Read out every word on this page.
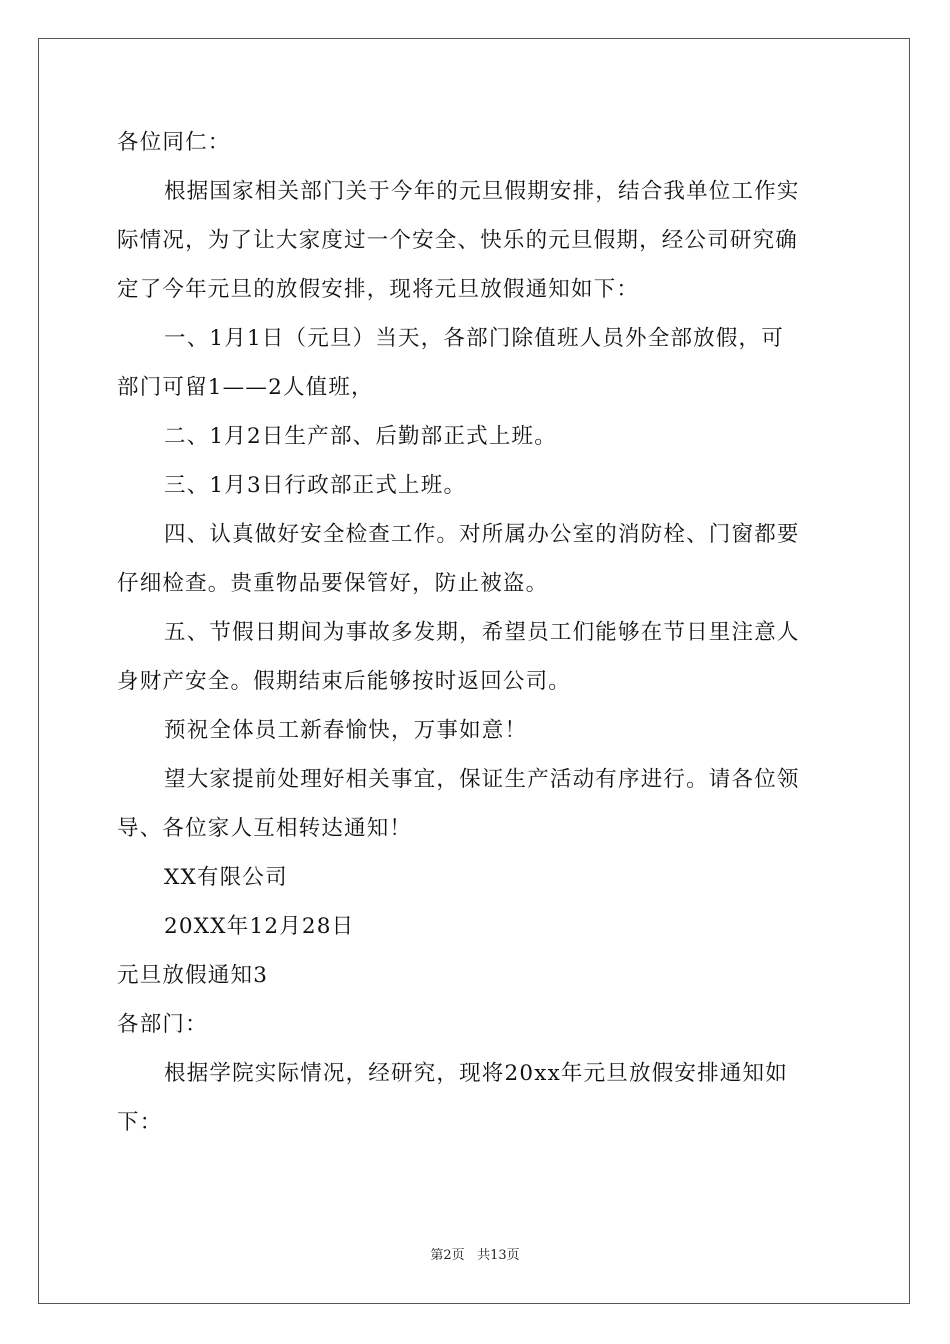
各位同仁：
根据国家相关部门关于今年的元旦假期安排，结合我单位工作实
际情况，为了让大家度过一个安全、快乐的元旦假期，经公司研究确
定了今年元旦的放假安排，现将元旦放假通知如下：
一、1月1日（元旦）当天，各部门除值班人员外全部放假，可
部门可留1——2人值班，
二、1月2日生产部、后勤部正式上班。
三、1月3日行政部正式上班。
四、认真做好安全检查工作。对所属办公室的消防栓、门窗都要
仔细检查。贵重物品要保管好，防止被盗。
五、节假日期间为事故多发期，希望员工们能够在节日里注意人
身财产安全。假期结束后能够按时返回公司。
预祝全体员工新春愉快，万事如意！
望大家提前处理好相关事宜，保证生产活动有序进行。请各位领
导、各位家人互相转达通知！
XX有限公司
20XX年12月28日
元旦放假通知3
各部门：
根据学院实际情况，经研究，现将20xx年元旦放假安排通知如
下：
第2页 共13页
